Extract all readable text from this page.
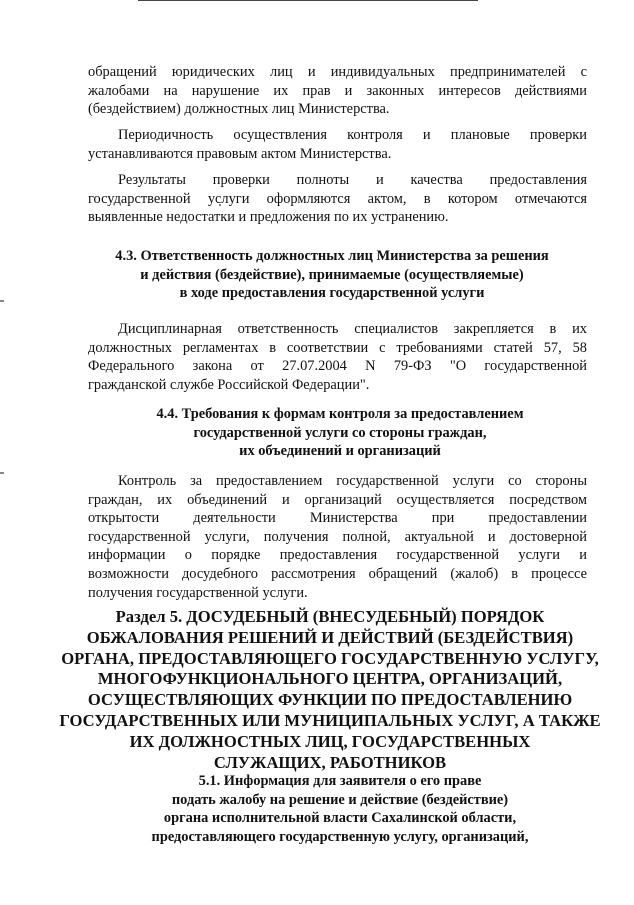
обращений юридических лиц и индивидуальных предпринимателей с
жалобами на нарушение их прав и законных интересов действиями
(бездействием) должностных лиц Министерства.

Периодичность осуществления контроля и плановые проверки
устанавливаются правовым актом Министерства.

Результаты проверки полноты и качества предоставления
государственной услуги оформляются актом, в котором отмечаются
выявленные недостатки и предложения по их устранению.

4.3. Ответственность должностных лиц Министерства за решения
и действия (бездействие), принимаемые (осуществляемые)
в ходе предоставления государственной услуги

Дисциплинарная ответственность специалистов закрепляется в их
должностных регламентах в соответствии с требованиями статей 57, 58
Федерального закона от 27.07.2004 N 79-ФЗ "О государственной
гражданской службе Российской Федерации".

4.4. Требования к формам контроля за предоставлением
государственной услуги со стороны граждан,
их объединений и организаций

Контроль за предоставлением государственной услуги со стороны
граждан, их объединений и организаций осуществляется посредством
открытости деятельности Министерства при предоставлении
государственной услуги, получения полной, актуальной и достоверной
информации о порядке предоставления государственной услуги и
возможности досудебного рассмотрения обращений (жалоб) в процессе
получения государственной услуги.

Раздел 5. ДОСУДЕБНЫЙ (ВНЕСУДЕБНЫЙ) ПОРЯДОК
ОБЖАЛОВАНИЯ РЕШЕНИЙ И ДЕЙСТВИЙ (БЕЗДЕЙСТВИЯ)
ОРГАНА, ПРЕДОСТАВЛЯЮЩЕГО ГОСУДАРСТВЕННУЮ УСЛУГУ,
МНОГОФУНКЦИОНАЛЬНОГО ЦЕНТРА, ОРГАНИЗАЦИЙ,
ОСУЩЕСТВЛЯЮЩИХ ФУНКЦИИ ПО ПРЕДОСТАВЛЕНИЮ
ГОСУДАРСТВЕННЫХ ИЛИ МУНИЦИПАЛЬНЫХ УСЛУГ, А ТАКЖЕ
ИХ ДОЛЖНОСТНЫХ ЛИЦ, ГОСУДАРСТВЕННЫХ
СЛУЖАЩИХ, РАБОТНИКОВ
5.1. Информация для заявителя о его праве
подать жалобу на решение и действие (бездействие)
органа исполнительной власти Сахалинской области,
предоставляющего государственную услугу, организаций,
